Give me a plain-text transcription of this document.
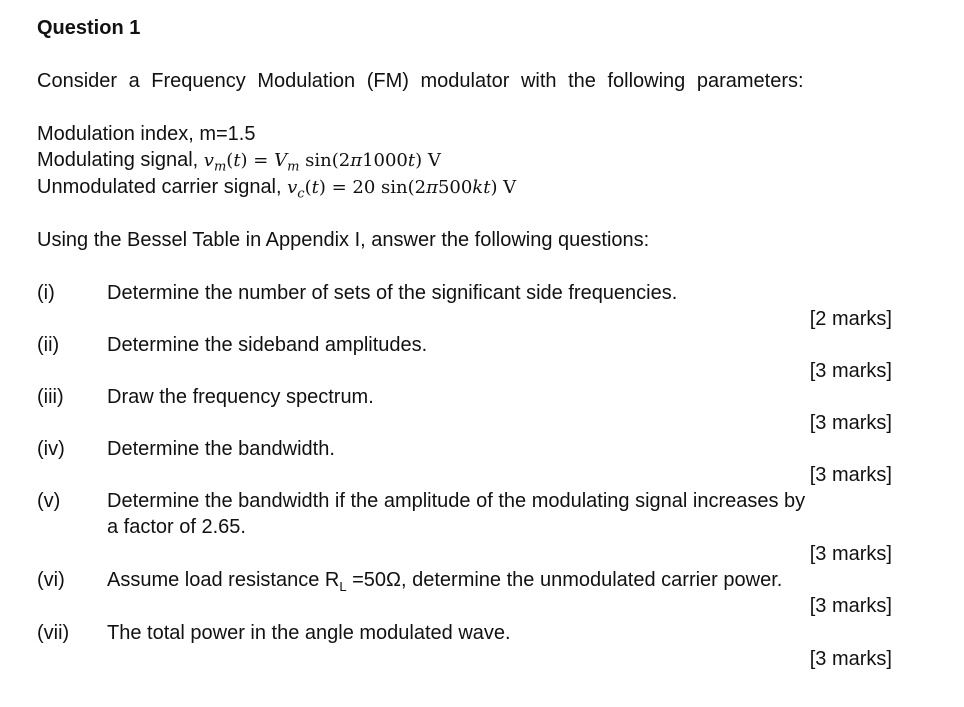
Question 1
Consider a Frequency Modulation (FM) modulator with the following parameters:
Modulation index, m=1.5
Modulating signal, $v_m(t) = V_m$ sin(2π1000t) V
Unmodulated carrier signal, $v_c(t) = 20$ sin(2π500kt) V
Using the Bessel Table in Appendix I, answer the following questions:
(i)	Determine the number of sets of the significant side frequencies.
[2 marks]
(ii) Determine the sideband amplitudes.
[3 marks]
(iii) Draw the frequency spectrum.
[3 marks]
(iv) Determine the bandwidth.
[3 marks]
(v) Determine the bandwidth if the amplitude of the modulating signal increases by
a factor of 2.65.
[3 marks]
(vi) Assume load resistance $R_L =50\Omega$, determine the unmodulated carrier power.
[3 marks]
(vii) The total power in the angle modulated wave.
[3 marks]
